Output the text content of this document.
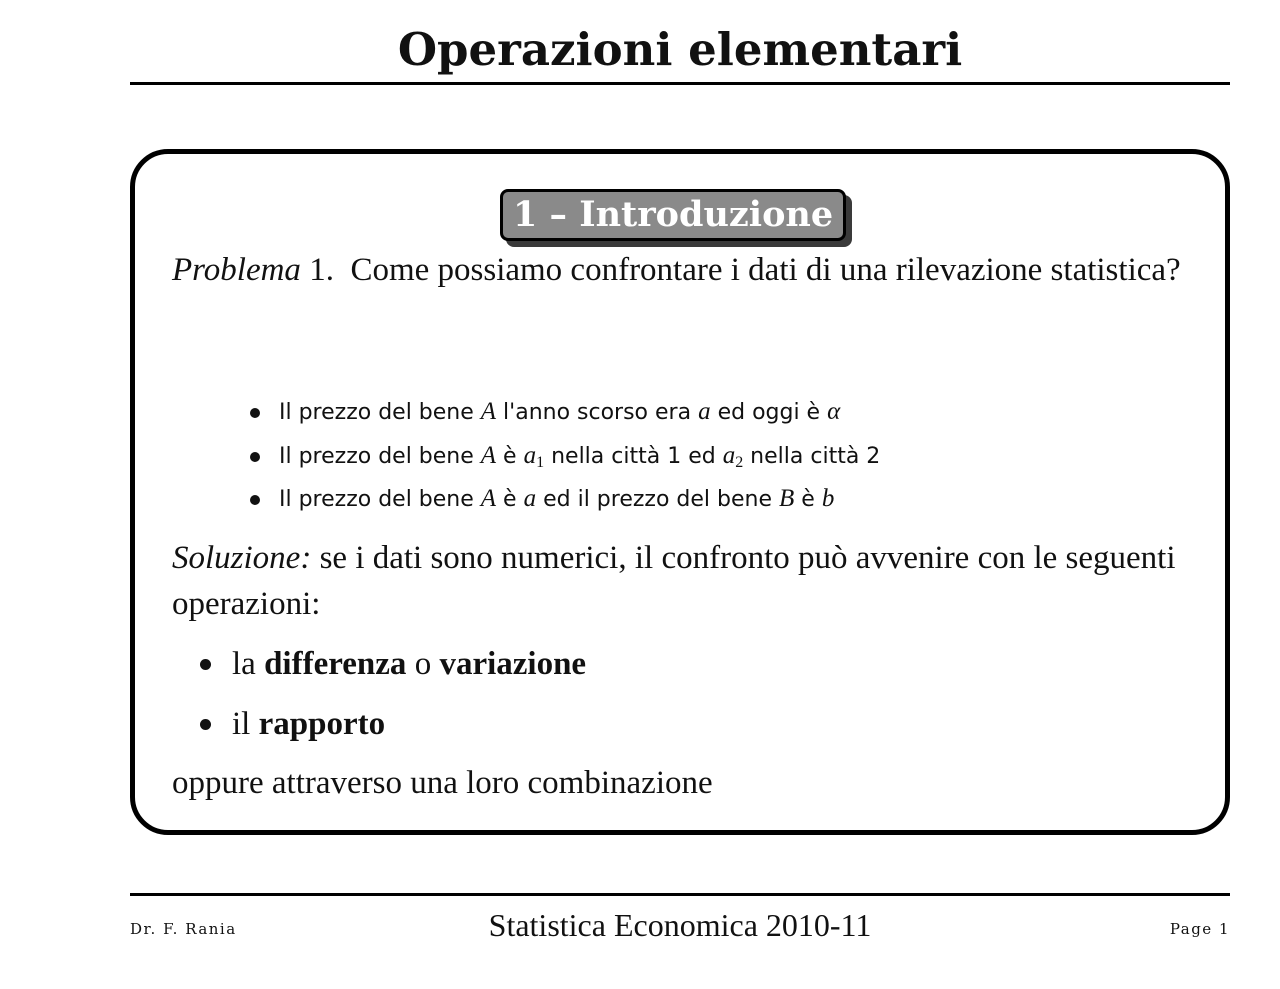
Operazioni elementari
1 – Introduzione
Problema 1. Come possiamo confrontare i dati di una rilevazione statistica?
Il prezzo del bene A l'anno scorso era a ed oggi è α
Il prezzo del bene A è $a_1$ nella città 1 ed $a_2$ nella città 2
Il prezzo del bene A è a ed il prezzo del bene B è b
Soluzione: se i dati sono numerici, il confronto può avvenire con le seguenti operazioni:
la differenza o variazione
il rapporto
oppure attraverso una loro combinazione
Dr. F. Rania	Statistica Economica 2010-11	Page 1
